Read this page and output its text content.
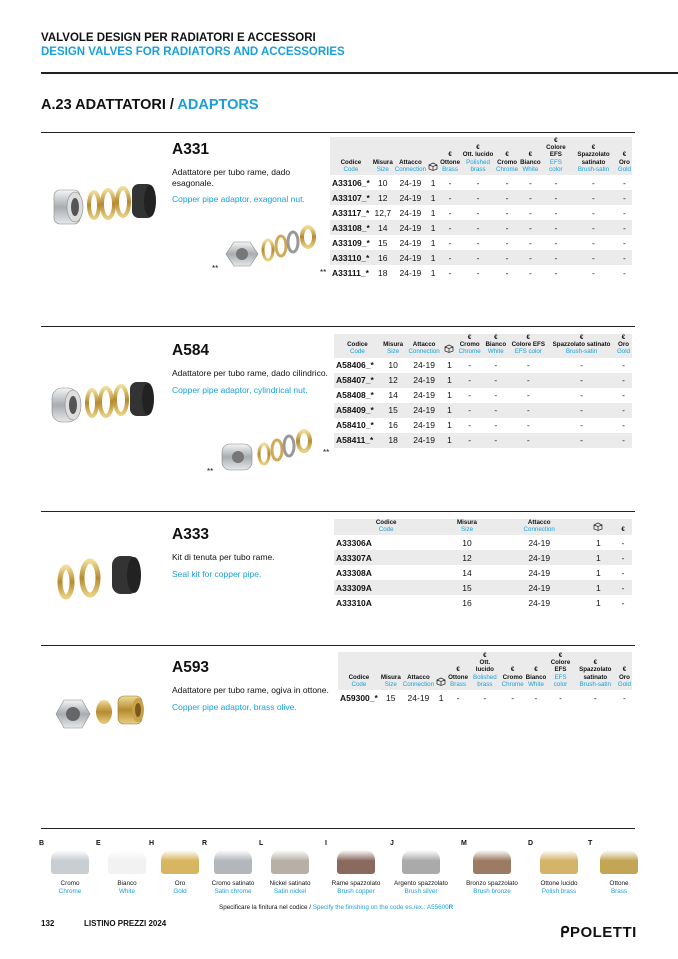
VALVOLE DESIGN PER RADIATORI E ACCESSORI
DESIGN VALVES FOR RADIATORS AND ACCESSORIES
A.23 ADATTATORI / ADAPTORS
**
A331
Adattatore per tubo rame, dado esagonale.
Copper pipe adaptor, exagonal nut.
Codice
Code	Misura
Size	Attacco
Connection		€
Ottone
Brass	€
Ott. lucido
Polished brass	€
Cromo
Chrome	€
Bianco
White	€
Colore EFS
EFS color	€
Spazzolato satinato
Brush-satin	€
Oro
Gold

A33106_*	10	24-19	1	-	-	-	-	-	-	-
A33107_*	12	24-19	1	-	-	-	-	-	-	-
A33117_*	12,7	24-19	1	-	-	-	-	-	-	-
A33108_*	14	24-19	1	-	-	-	-	-	-	-
A33109_*	15	24-19	1	-	-	-	-	-	-	-
A33110_*	16	24-19	1	-	-	-	-	-	-	-
A33111_*	18	24-19	1	-	-	-	-	-	-	-
**
**
A584
Adattatore per tubo rame, dado cilindrico.
Copper pipe adaptor, cylindrical nut.
Codice
Code	Misura
Size	Attacco
Connection		€
Cromo
Chrome	€
Bianco
White	€
Colore EFS
EFS color	€
Spazzolato satinato
Brush-satin	€
Oro
Gold

A58406_*	10	24-19	1	-	-	-	-	-
A58407_*	12	24-19	1	-	-	-	-	-
A58408_*	14	24-19	1	-	-	-	-	-
A58409_*	15	24-19	1	-	-	-	-	-
A58410_*	16	24-19	1	-	-	-	-	-
A58411_*	18	24-19	1	-	-	-	-	-
**
A333
Kit di tenuta per tubo rame.
Seal kit for copper pipe.
Codice
Code	Misura
Size	Attacco
Connection		€

A33306A	10	24-19	1	-
A33307A	12	24-19	1	-
A33308A	14	24-19	1	-
A33309A	15	24-19	1	-
A33310A	16	24-19	1	-
A593
Adattatore per tubo rame, ogiva in ottone.
Copper pipe adaptor, brass olive.
Codice
Code	Misura
Size	Attacco
Connection		€
Ottone
Brass	€
Ott. lucido
Bolished brass	€
Cromo
Chrome	€
Bianco
White	€
Colore EFS
EFS color	€
Spazzolato satinato
Brush-satin	€
Oro
Gold

A59300_*	15	24-19	1	-	-	-	-	-	-	-
B
Cromo
Chrome
E
Bianco
White
H
Oro
Gold
R
Cromo satinato
Satin chrome
L
Nickel satinato
Satin nickel
I
Rame spazzolato
Brush copper
J
Argento spazzolato
Brush silver
M
Bronzo spazzolato
Brush bronze
D
Ottone lucido
Polish brass
T
Ottone
Brass
Specificare la finitura nel codice / Specify the finishing on the code es./ex.: A55600R
132	LISTINO PREZZI 2024
ᑭPOLETTI
